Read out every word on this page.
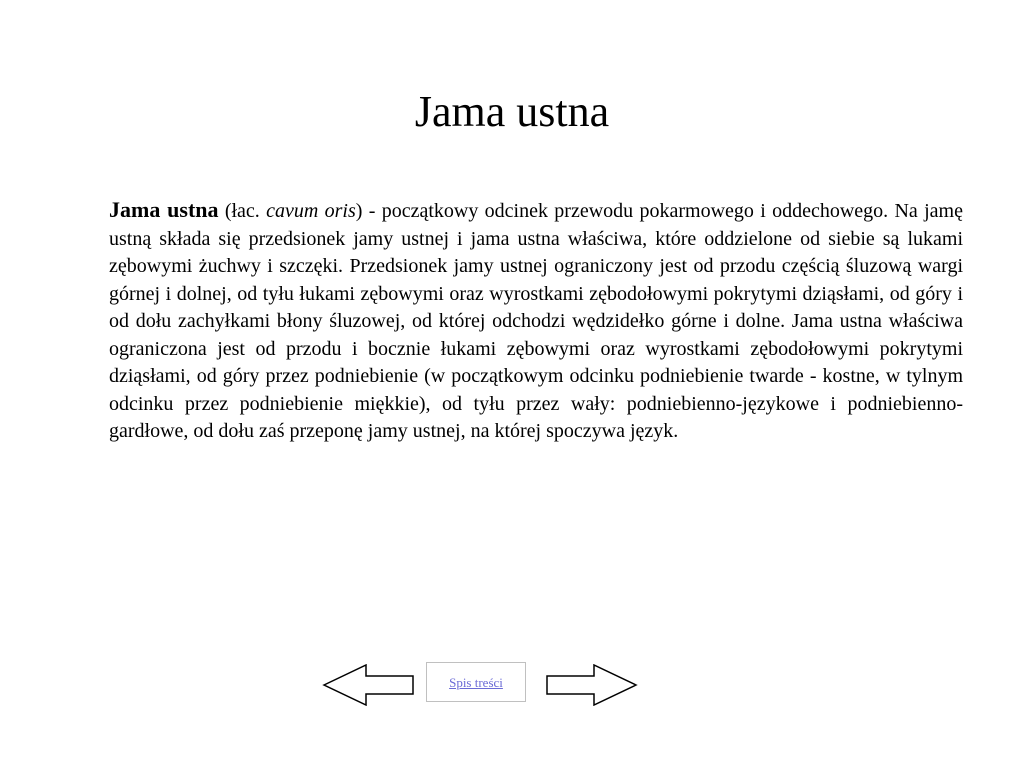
Jama ustna

Jama ustna (łac. cavum oris) - początkowy odcinek przewodu pokarmowego i oddechowego. Na jamę ustną składa się przedsionek jamy ustnej i jama ustna właściwa, które oddzielone od siebie są lukami zębowymi żuchwy i szczęki. Przedsionek jamy ustnej ograniczony jest od przodu częścią śluzową wargi górnej i dolnej, od tyłu łukami zębowymi oraz wyrostkami zębodołowymi pokrytymi dziąsłami, od góry i od dołu zachyłkami błony śluzowej, od której odchodzi wędzidełko górne i dolne. Jama ustna właściwa ograniczona jest od przodu i bocznie łukami zębowymi oraz wyrostkami zębodołowymi pokrytymi dziąsłami, od góry przez podniebienie (w początkowym odcinku podniebienie twarde - kostne, w tylnym odcinku przez podniebienie miękkie), od tyłu przez wały: podniebienno-językowe i podniebienno-gardłowe, od dołu zaś przeponę jamy ustnej, na której spoczywa język.

Spis treści
